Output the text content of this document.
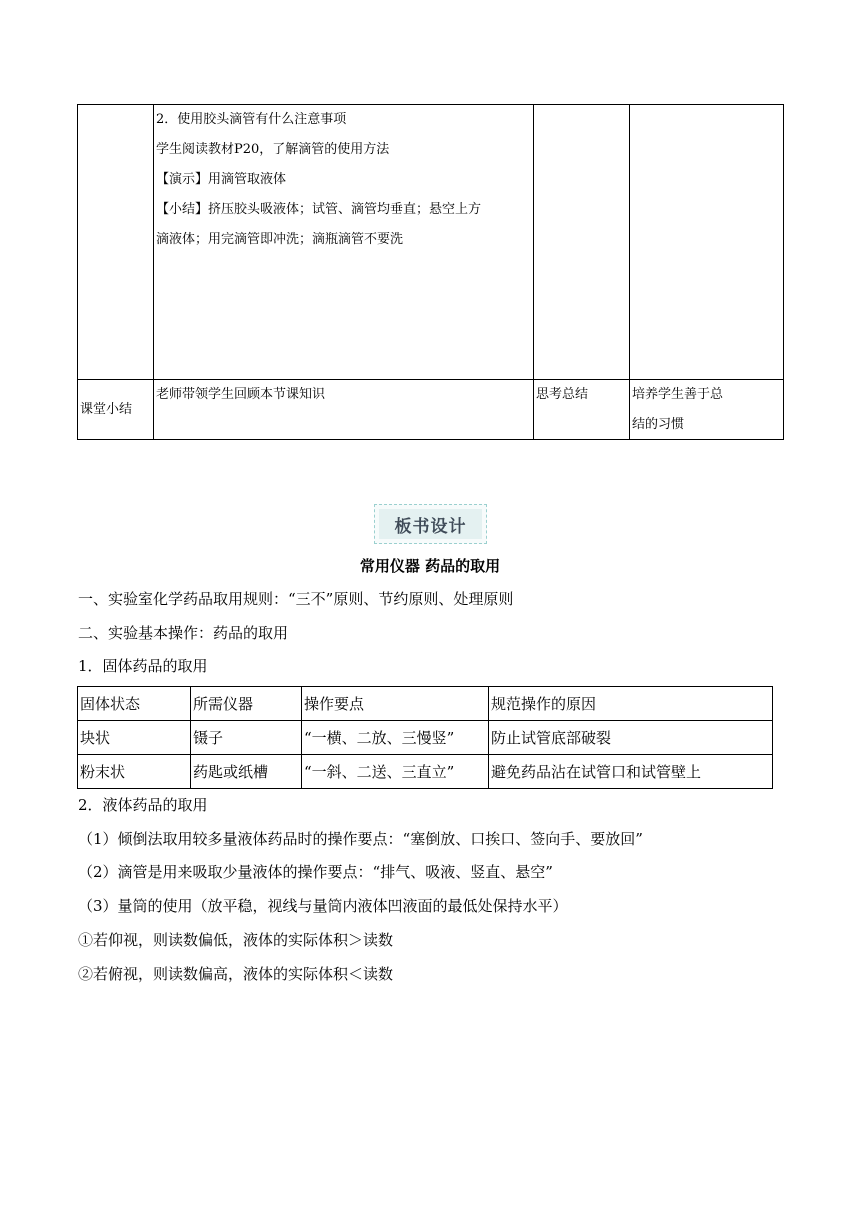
	2．使用胶头滴管有什么注意事项
学生阅读教材P20，了解滴管的使用方法
【演示】用滴管取液体
【小结】挤压胶头吸液体；试管、滴管均垂直；悬空上方
滴液体；用完滴管即冲洗；滴瓶滴管不要洗		

课堂小结	老师带领学生回顾本节课知识	思考总结	培养学生善于总
结的习惯
板书设计
常用仪器 药品的取用
一、实验室化学药品取用规则：“三不”原则、节约原则、处理原则
二、实验基本操作：药品的取用
1．固体药品的取用
固体状态	所需仪器	操作要点	规范操作的原因
块状	镊子	“一横、二放、三慢竖”	防止试管底部破裂
粉末状	药匙或纸槽	“一斜、二送、三直立”	避免药品沾在试管口和试管壁上
2．液体药品的取用
（1）倾倒法取用较多量液体药品时的操作要点：“塞倒放、口挨口、签向手、要放回”
（2）滴管是用来吸取少量液体的操作要点：“排气、吸液、竖直、悬空”
（3）量筒的使用（放平稳，视线与量筒内液体凹液面的最低处保持水平）
①若仰视，则读数偏低，液体的实际体积＞读数
②若俯视，则读数偏高，液体的实际体积＜读数
